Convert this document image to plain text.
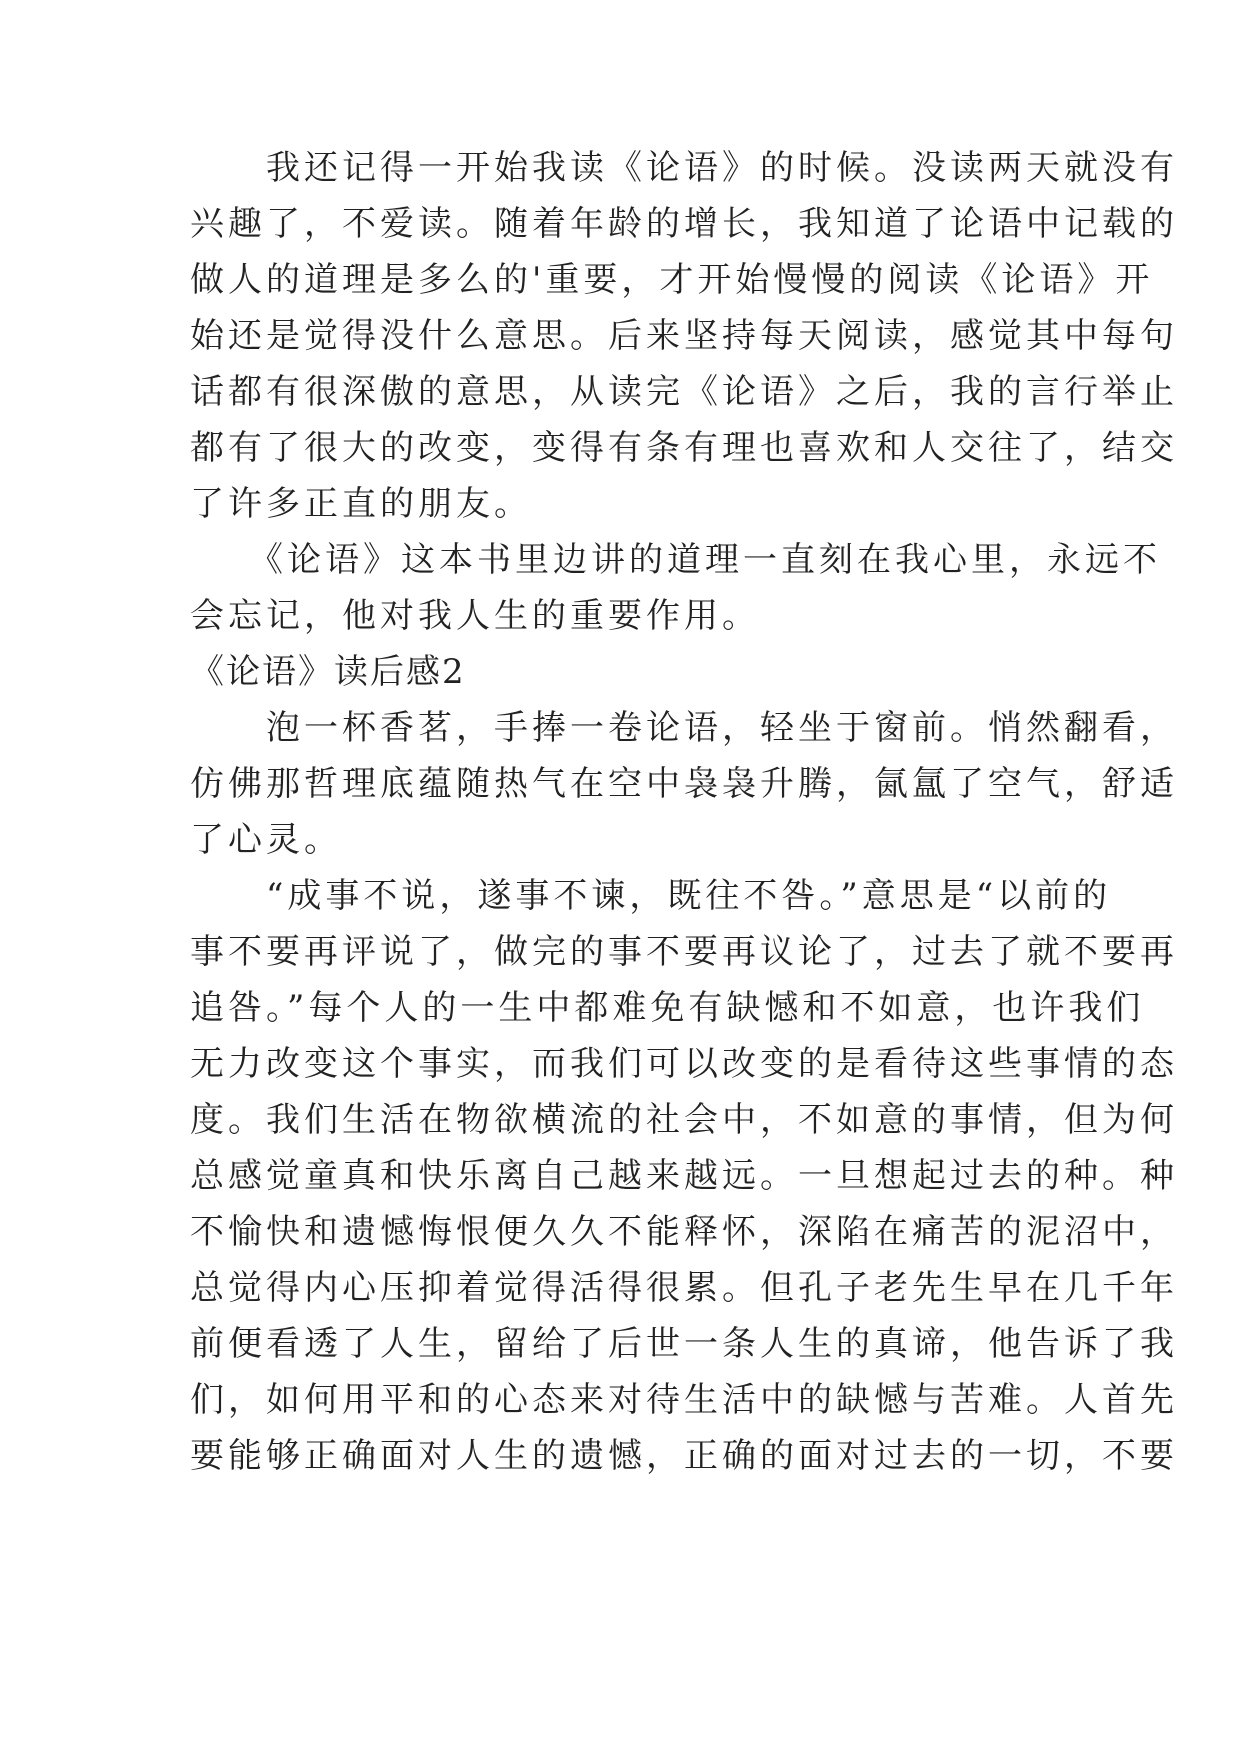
　　我还记得一开始我读《论语》的时候。没读两天就没有
兴趣了，不爱读。随着年龄的增长，我知道了论语中记载的
做人的道理是多么的'重要，才开始慢慢的阅读《论语》开
始还是觉得没什么意思。后来坚持每天阅读，感觉其中每句
话都有很深傲的意思，从读完《论语》之后，我的言行举止
都有了很大的改变，变得有条有理也喜欢和人交往了，结交
了许多正直的朋友。
　　《论语》这本书里边讲的道理一直刻在我心里，永远不
会忘记，他对我人生的重要作用。
《论语》读后感2
　　泡一杯香茗，手捧一卷论语，轻坐于窗前。悄然翻看，
仿佛那哲理底蕴随热气在空中袅袅升腾，氤氲了空气，舒适
了心灵。
　　“成事不说，遂事不谏，既往不咎。”意思是“以前的
事不要再评说了，做完的事不要再议论了，过去了就不要再
追咎。”每个人的一生中都难免有缺憾和不如意，也许我们
无力改变这个事实，而我们可以改变的是看待这些事情的态
度。我们生活在物欲横流的社会中，不如意的事情，但为何
总感觉童真和快乐离自己越来越远。一旦想起过去的种。种
不愉快和遗憾悔恨便久久不能释怀，深陷在痛苦的泥沼中，
总觉得内心压抑着觉得活得很累。但孔子老先生早在几千年
前便看透了人生，留给了后世一条人生的真谛，他告诉了我
们，如何用平和的心态来对待生活中的缺憾与苦难。人首先
要能够正确面对人生的遗憾，正确的面对过去的一切，不要
